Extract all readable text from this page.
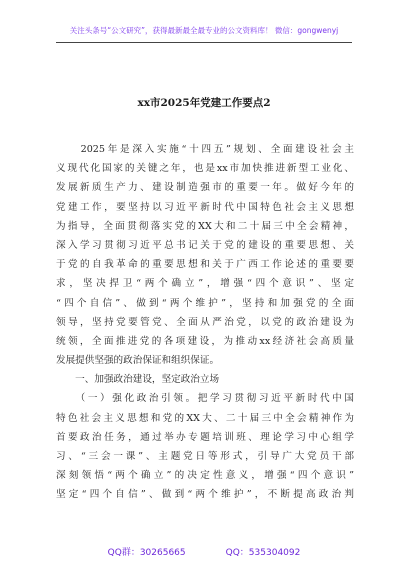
关注头条号“公文研究”，获得最新最全最专业的公文资料库！ 微信：gongwenyj
xx市2025年党建工作要点2
　　2025年是深入实施“十四五”规划、全面建设社会主
义现代化国家的关键之年，也是xx市加快推进新型工业化、
发展新质生产力、建设制造强市的重要一年。做好今年的
党建工作，要坚持以习近平新时代中国特色社会主义思想
为指导，全面贯彻落实党的XX大和二十届三中全会精神，
深入学习贯彻习近平总书记关于党的建设的重要思想、关
于党的自我革命的重要思想和关于广西工作论述的重要要
求，坚决捍卫“两个确立”，增强“四个意识”、坚定
“四个自信”、做到“两个维护”，坚持和加强党的全面
领导，坚持党要管党、全面从严治党，以党的政治建设为
统领，全面推进党的各项建设，为推动xx经济社会高质量
发展提供坚强的政治保证和组织保证。
　　一、加强政治建设，坚定政治立场
　　（一）强化政治引领。把学习贯彻习近平新时代中国
特色社会主义思想和党的XX大、二十届三中全会精神作为
首要政治任务，通过举办专题培训班、理论学习中心组学
习、“三会一课”、主题党日等形式，引导广大党员干部
深刻领悟“两个确立”的决定性意义，增强“四个意识”
坚定“四个自信”、做到“两个维护”，不断提高政治判
QQ群：30265665	QQ：535304092
